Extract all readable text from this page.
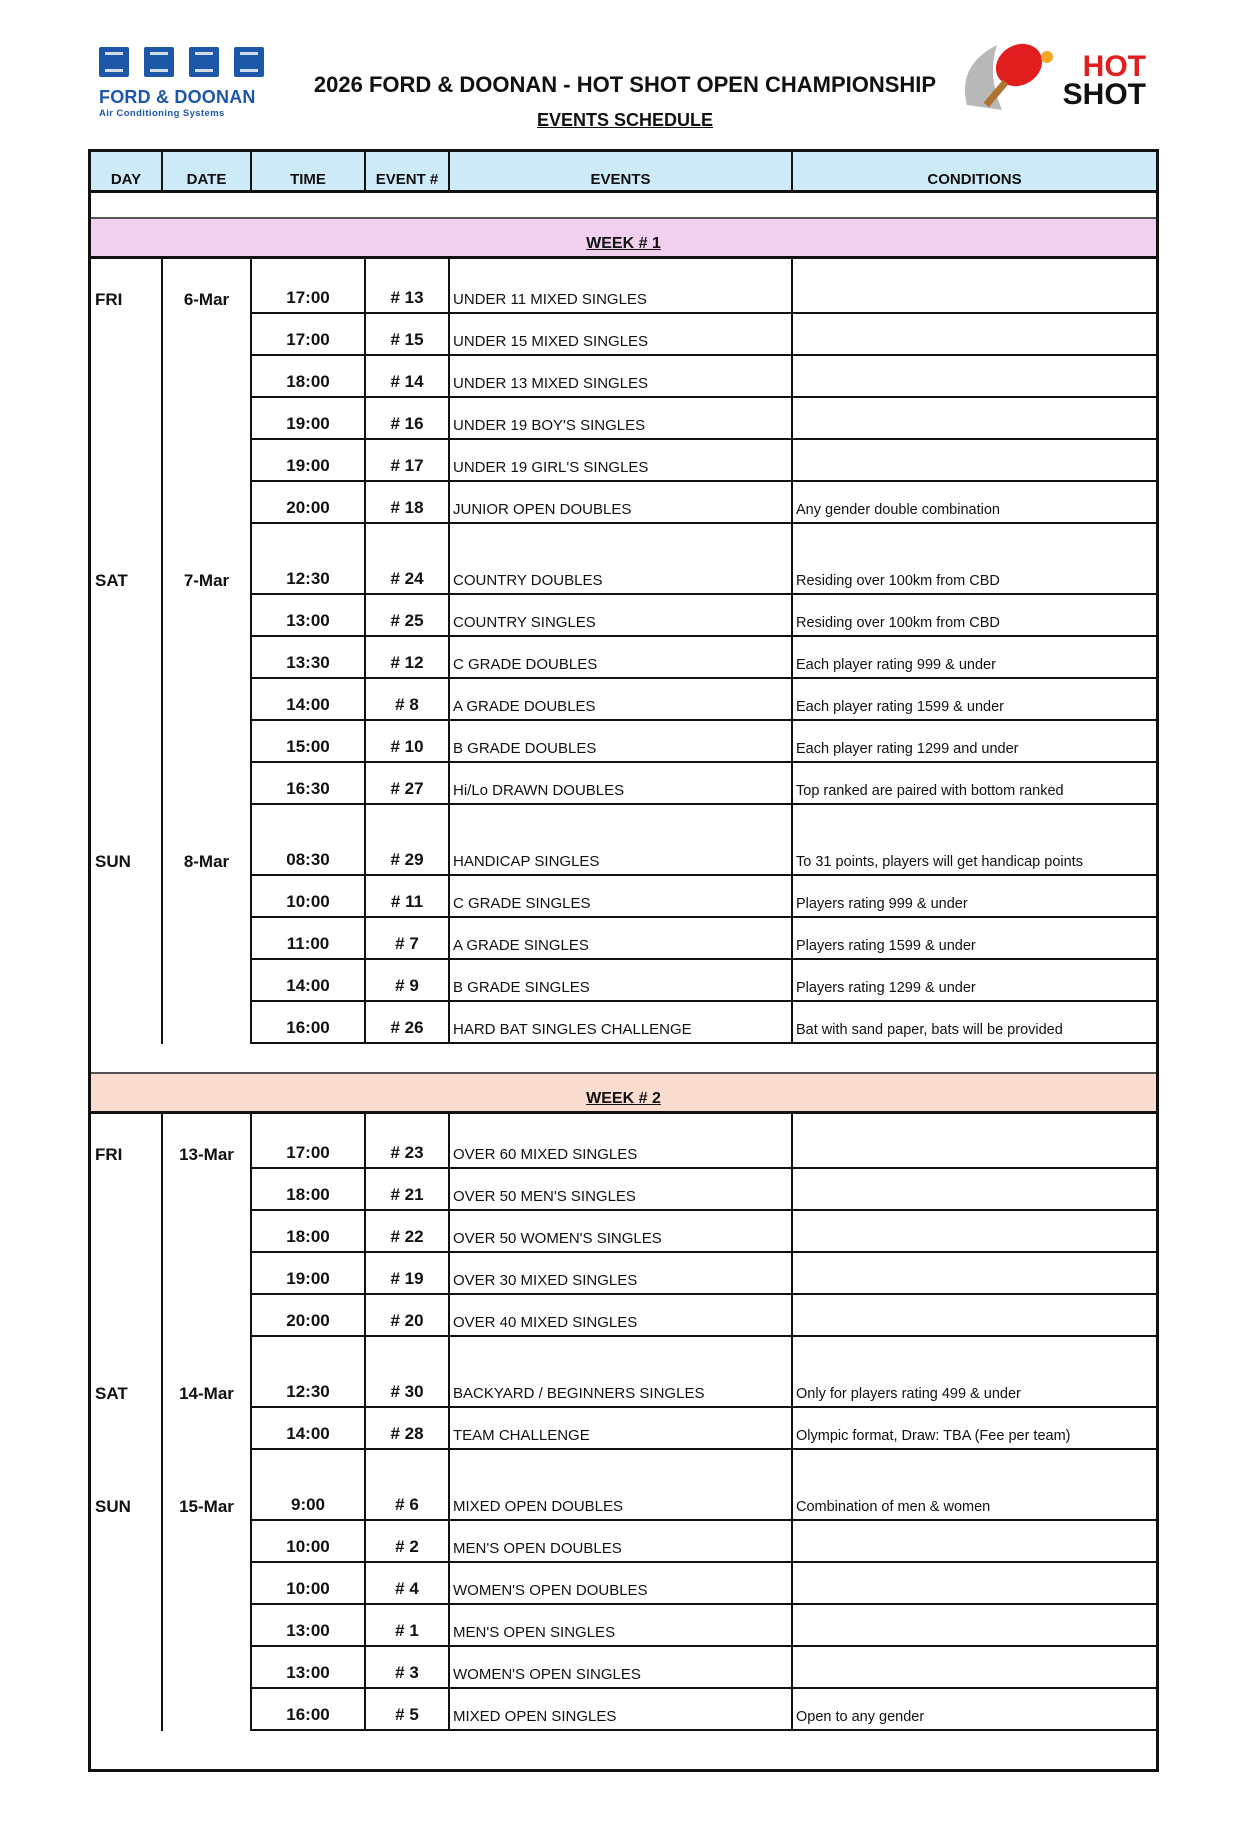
FORD & DOONAN
Air Conditioning Systems
2026 FORD & DOONAN - HOT SHOT OPEN CHAMPIONSHIP
EVENTS SCHEDULE
HOT
SHOT
DAY	DATE	TIME	EVENT #	EVENTS	CONDITIONS
WEEK # 1
FRI	6-Mar	17:00	# 13	UNDER 11 MIXED SINGLES
17:00	# 15	UNDER 15 MIXED SINGLES
18:00	# 14	UNDER 13 MIXED SINGLES
19:00	# 16	UNDER 19 BOY'S SINGLES
19:00	# 17	UNDER 19 GIRL'S SINGLES
20:00	# 18	JUNIOR OPEN DOUBLES	Any gender double combination
SAT	7-Mar	12:30	# 24	COUNTRY DOUBLES	Residing over 100km from CBD
13:00	# 25	COUNTRY SINGLES	Residing over 100km from CBD
13:30	# 12	C GRADE DOUBLES	Each player rating 999 & under
14:00	# 8	A GRADE DOUBLES	Each player rating 1599 & under
15:00	# 10	B GRADE DOUBLES	Each player rating 1299 and under
16:30	# 27	Hi/Lo DRAWN DOUBLES	Top ranked are paired with bottom ranked
SUN	8-Mar	08:30	# 29	HANDICAP SINGLES	To 31 points, players will get handicap points
10:00	# 11	C GRADE SINGLES	Players rating 999 & under
11:00	# 7	A GRADE SINGLES	Players rating 1599 & under
14:00	# 9	B GRADE SINGLES	Players rating 1299 & under
16:00	# 26	HARD BAT SINGLES CHALLENGE	Bat with sand paper, bats will be provided
WEEK # 2
FRI	13-Mar	17:00	# 23	OVER 60 MIXED SINGLES
18:00	# 21	OVER 50 MEN'S SINGLES
18:00	# 22	OVER 50 WOMEN'S SINGLES
19:00	# 19	OVER 30 MIXED SINGLES
20:00	# 20	OVER 40 MIXED SINGLES
SAT	14-Mar	12:30	# 30	BACKYARD / BEGINNERS SINGLES	Only for players rating 499 & under
14:00	# 28	TEAM CHALLENGE	Olympic format, Draw: TBA (Fee per team)
SUN	15-Mar	9:00	# 6	MIXED OPEN DOUBLES	Combination of men & women
10:00	# 2	MEN'S OPEN DOUBLES
10:00	# 4	WOMEN'S OPEN DOUBLES
13:00	# 1	MEN'S OPEN SINGLES
13:00	# 3	WOMEN'S OPEN SINGLES
16:00	# 5	MIXED OPEN SINGLES	Open to any gender
